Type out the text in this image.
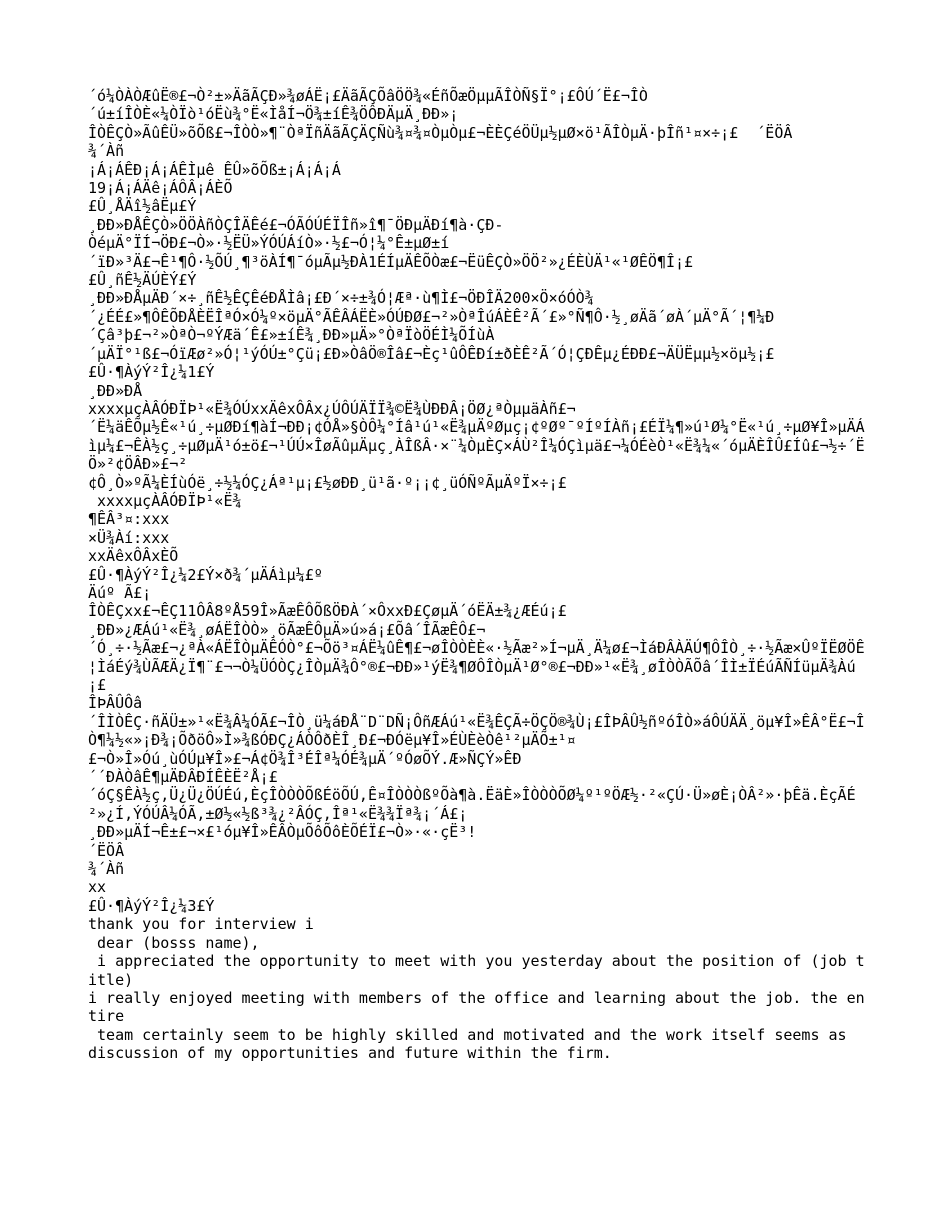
´ó¼ÒÀÒÆûË®£¬Ò²±»ÄãÃÇÐ»¾øÁË¡£ÄãÃÇÕâÖÖ¾«ÉñÕæÖµµÃÎÒÑ§Ï°¡£ÔÚ´Ë£¬ÎÒ
´ú±íÎÒÈ«¼ÒÏò¹óËù¾°Ë«ÌåÍ¬Ö¾±íÊ¾ÖÔÐÄµÄ¸ÐÐ»¡
ÎÒÊÇÒ»ÃûÊÜ»õÕß£¬ÎÒÒ»¶¨ÒªÏñÄãÃÇÄÇÑù¾¤¾¤ÒµÒµ£¬ÈÈÇéÖÜµ½µØ×ö¹ÃÎÒµÄ·þÎñ¹¤×÷¡£  ´ËÖÂ
¾´Àñ
¡Á¡ÁÊÐ¡Á¡ÁÊÌµê ÊÛ»õÕß±¡Á¡Á¡Á
19¡Á¡ÁÄê¡ÁÔÂ¡ÁÈÕ
£Û¸ÅÄî½âËµ£Ý
¸ÐÐ»ÐÅÊÇÒ»ÖÖÀñÒÇÎÄÊé£¬ÓÃÓÚÉÏÎñ»î¶¯ÖÐµÄÐí¶à·ÇÐ-
ÒéµÄ°ÏÍ¬ÖÐ£¬Ò»·½ËÜ»ÝÓÚÁíÒ»·½£¬Ó¦¼°Ê±µØ±í
´ïÐ»³Ä£¬Ê¹¶Ô·½ÕÚ¸¶³öÀÍ¶¯óµÃµ½ÐÀ1ÉÍµÄÊÕÒæ£¬ËüÊÇÒ»ÖÖ²»¿ÉÈÙÄ¹«¹ØÊÖ¶Î¡£
£Û¸ñÊ½ÄÚÈÝ£Ý
¸ÐÐ»ÐÅµÄÐ´×÷¸ñÊ½ÊÇÊéÐÅÌâ¡£Ð´×÷±¾Ó¦Æª·ù¶Ì£¬ÖÐÎÄ200×Ö×óÓÒ¾
´¿ÉÉ£»¶ÔÊÕÐÅÈËÎªÓ×Ó¼º×öµÄ°ÃÊÂÁËÈ»ÓÚÐØ£¬²»ÒªÎúÁÈÊ²Ã´£»°Ñ¶Ô·½¸øÄã´øÀ´µÄ°Ã´¦¶¼Ð
´Çâ³þ£¬²»ÒªÒ¬ºÝÆä´Ê£»±íÊ¾¸ÐÐ»µÄ»°ÒªÏòÖÉÌ¼ÕÍùÀ
´µÄÏ°¹ß£¬ÓïÆø²»Ó¦¹ýÓÚ±°Çü¡£Ð»ÒâÖ®Îâ£¬Èç¹ûÔÊÐí±ðÈÊ²Ã´Ó¦ÇÐÊµ¿ÉÐÐ£¬ÄÜËµµ½×öµ½¡£
£Û·¶ÀýÝ²Î¿¼1£Ý
¸ÐÐ»ÐÅ
xxxxµçÀÂÓÐÏÞ¹«Ë¾ÓÚxxÄêxÔÂx¿ÚÔÚÄÏÏ¾©Ë¾ÙÐÐÂ¡ÖØ¿ªÒµµäÀñ£¬
´Ë¼äÊÕµ½Ê«¹ú¸÷µØÐí¶àÍ¬ÐÐ¡¢ÓÅ»§ÒÔ¼°Íâ¹ú¹«Ë¾µÄºØµç¡¢ºØº¯ºÍºÍÀñ¡£ÉÏ¼¶»ú¹Ø¼°Ë«¹ú¸÷µØ¥Î»µÄÁìµ¼£¬ÊÀ½ç¸÷µØµÄ¹ó±ö£¬¹ÚÚ×ÎøÃûµÄµç¸ÀÎßÂ·×¨¼ÒµÈÇ×ÁÙ²Î¼ÓÇìµä£¬¼ÓÉèÒ¹«Ë¾¼«´óµÄÈÎÛ£Íû£¬½÷´ËÖ»²¢ÖÂÐ»£¬²
¢Ô¸Ò»ºÃ¼ÈÍùÓë¸÷½¼ÓÇ¿Áª¹µ¡£½øÐÐ¸ü¹ã·º¡¡¢¸üÓÑºÃµÄºÏ×÷¡£
xxxxµçÀÂÓÐÏÞ¹«Ë¾
¶ÊÂ³¤:xxx
×Ü¾Àí:xxx
xxÄêxÔÂxÈÕ
£Û·¶ÀýÝ²Î¿¼2£Ý×ð¾´µÄÁìµ¼£º
Äúº Ã£¡
ÎÒÊÇxx£¬ÊÇ11ÔÂ8ºÅ59Î»ÃæÊÔÕßÖÐÀ´×ÔxxÐ£ÇøµÄ´óËÄ±¾¿ÆÉú¡£
¸ÐÐ»¿ÆÁú¹«Ë¾¸øÁËÎÒÒ»¸öÃæÊÔµÄ»ú»á¡£Õâ´ÎÃæÊÔ£¬
´Ó¸÷·½Ãæ£¬¿ªÀ«ÁËÎÒµÄÊÓÒ°£¬Õö³¤ÁË¼ûÊ¶£¬øÎÒÒÈÈ«·½Ãæ²»Í¬µÄ¸Ä¼ø£¬ÌáÐÂÀÄÚ¶ÔÎÒ¸÷·½Ãæ×ÛºÏËØÖÊ¦ÌáÉý¾ÙÃÆÄ¿Ï¶¨£¬¬Ò¼ÜÓÒÇ¿ÎÒµÄ¾Ô°®£¬ÐÐ»¹ýË¾¶ØÔÎÒµÄ¹Ø°®£¬ÐÐ»¹«Ë¾¸øÎÒÒÃÕâ´ÎÌ±ÏÉúÃÑÍüµÄ¾Àú¡£
ÎÞÂÛÔâ
´ÎÌÒÊÇ·ñÄÜ±»¹«Ë¾Â¼ÓÃ£¬ÎÒ¸ü¼áÐÅ¨D¨DÑ¡ÔñÆÁú¹«Ë¾ÊÇÃ÷ÖÇÖ®¾Ù¡£ÎÞÂÛ½ñºóÎÒ»áÔÚÄÄ¸öµ¥Î»ÊÂ°Ë£¬ÎÒ¶¼½«»¡Ð¾¡ÕðöÔ»Ì»¾ßÓÐÇ¿ÁÒÔðÈÎ¸Ð£¬ÐÓëµ¥Î»ÉÙÈèÒê¹²µÄÕ±¹¤
£¬Ò»Î»Óú¸ùÓÚµ¥Î»£¬Á¢Ö¾Î³ÉÎª¼ÓÉ¾µÄ´ºÓøÕÝ.Æ»ÑÇÝ»ÊÐ
´´ÐÀÒâÊ¶µÄÐÂÐÍÊÈË²Å¡£
´óÇ§ÊÀ½ç,Ü¿Ü¿ÖÚÉú,ÈçÎÒÒÒÕßÉöÕÚ,Ê¤ÎÒÒÒßºÕà¶à.ËäÈ»ÎÒÒÒÕØ¼º¹ºÖÆ½·²«ÇÚ·Ü»øÈ¡ÒÂ²»·þÊä.ÈçÃÉ²»¿Í,ÝÓÚÂ¼ÓÃ,±Ø½«½ß³¾¿²ÂÓÇ,Îª¹«Ë¾¾Ïª¾¡´Á£¡
¸ÐÐ»µÄÍ¬Ê±£¬×£¹óµ¥Î»ÊÂÒµÕôÕôÈÕÉÏ£¬Ò»·«·çË³!
´ËÖÂ
¾´Àñ
xx
£Û·¶ÀýÝ²Î¿¼3£Ý
thank you for interview i
dear (bosss name),
i appreciated the opportunity to meet with you yesterday about the position of (job title)
i really enjoyed meeting with members of the office and learning about the job. the entire
team certainly seem to be highly skilled and motivated and the work itself seems as
discussion of my opportunities and future within the firm.
